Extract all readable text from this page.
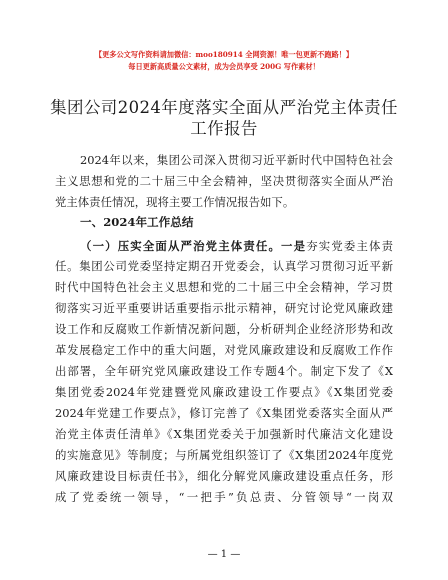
【更多公文写作资料请加微信：moo180914 全网资源！唯一包更新不跑路！】
每日更新高质量公文素材，成为会员享受 200G 写作素材！
集团公司2024年度落实全面从严治党主体责任
工作报告
2024年以来，集团公司深入贯彻习近平新时代中国特色社会
主义思想和党的二十届三中全会精神，坚决贯彻落实全面从严治
党主体责任情况，现将主要工作情况报告如下。
一、2024年工作总结
（一）压实全面从严治党主体责任。一是夯实党委主体责
任。集团公司党委坚持定期召开党委会，认真学习贯彻习近平新
时代中国特色社会主义思想和党的二十届三中全会精神，学习贯
彻落实习近平重要讲话重要指示批示精神，研究讨论党风廉政建
设工作和反腐败工作新情况新问题，分析研判企业经济形势和改
革发展稳定工作中的重大问题，对党风廉政建设和反腐败工作作
出部署，全年研究党风廉政建设工作专题4个。制定下发了《X
集团党委2024年党建暨党风廉政建设工作要点》《X集团党委
2024年党建工作要点》，修订完善了《X集团党委落实全面从严
治党主体责任清单》《X集团党委关于加强新时代廉洁文化建设
的实施意见》等制度；与所属党组织签订了《X集团2024年度党
风廉政建设目标责任书》，细化分解党风廉政建设重点任务，形
成了党委统一领导，“一把手”负总责、分管领导“一岗双
— 1 —
